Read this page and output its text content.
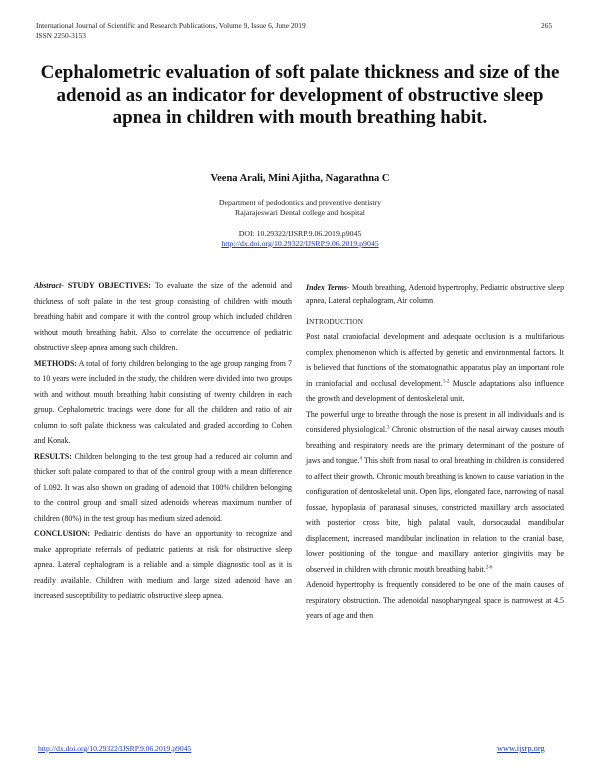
International Journal of Scientific and Research Publications, Volume 9, Issue 6, June 2019
ISSN 2250-3153
265
Cephalometric evaluation of soft palate thickness and size of the adenoid as an indicator for development of obstructive sleep apnea in children with mouth breathing habit.
Veena Arali, Mini Ajitha, Nagarathna C
Department of pedodontics and preventive dentistry
Rajarajeswari Dental college and hospital
DOI: 10.29322/IJSRP.9.06.2019.p9045
http://dx.doi.org/10.29322/IJSRP.9.06.2019.p9045

Abstract- STUDY OBJECTIVES: To evaluate the size of the adenoid and thickness of soft palate in the test group consisting of children with mouth breathing habit and compare it with the control group which included children without mouth breathing habit. Also to correlate the occurrence of pediatric obstructive sleep apnea among such children.

METHODS: A total of forty children belonging to the age group ranging from 7 to 10 years were included in the study, the children were divided into two groups with and without mouth breathing habit consisting of twenty children in each group. Cephalometric tracings were done for all the children and ratio of air column to soft palate thickness was calculated and graded according to Cohen and Konak.

RESULTS: Children belonging to the test group had a reduced air column and thicker soft palate compared to that of the control group with a mean difference of 1.092. It was also shown on grading of adenoid that 100% children belonging to the control group and small sized adenoids whereas maximum number of children (80%) in the test group has medium sized adenoid.

CONCLUSION: Pediatric dentists do have an opportunity to recognize and make appropriate referrals of pediatric patients at risk for obstructive sleep apnea. Lateral cephalogram is a reliable and a simple diagnostic tool as it is readily available. Children with medium and large sized adenoid have an increased susceptibility to pediatric obstructive sleep apnea.

Index Terms- Mouth breathing, Adenoid hypertrophy, Pediatric obstructive sleep apnea, Lateral cephalogram, Air column

INTRODUCTION

Post natal craniofacial development and adequate occlusion is a multifarious complex phenomenon which is affected by genetic and environmental factors. It is believed that functions of the stomatognathic apparatus play an important role in craniofacial and occlusal development.$^{1-2}$ Muscle adaptations also influence the growth and development of dentoskeletal unit.

The powerful urge to breathe through the nose is present in all individuals and is considered physiological.$^3$ Chronic obstruction of the nasal airway causes mouth breathing and respiratory needs are the primary determinant of the posture of jaws and tongue.$^4$ This shift from nasal to oral breathing in children is considered to affect their growth. Chronic mouth breathing is known to cause variation in the configuration of dentoskeletal unit. Open lips, elongated face, narrowing of nasal fossae, hypoplasia of paranasal sinuses, constricted maxillary arch associated with posterior cross bite, high palatal vault, dorsocaudal mandibular displacement, increased mandibular inclination in relation to the cranial base, lower positioning of the tongue and maxillary anterior gingivitis may be observed in children with chronic mouth breathing habit.$^{2-6}$

Adenoid hypertrophy is frequently considered to be one of the main causes of respiratory obstruction. The adenoidal nasopharyngeal space is narrowest at 4.5 years of age and then

http://dx.doi.org/10.29322/IJSRP.9.06.2019.p9045	www.ijsrp.org
